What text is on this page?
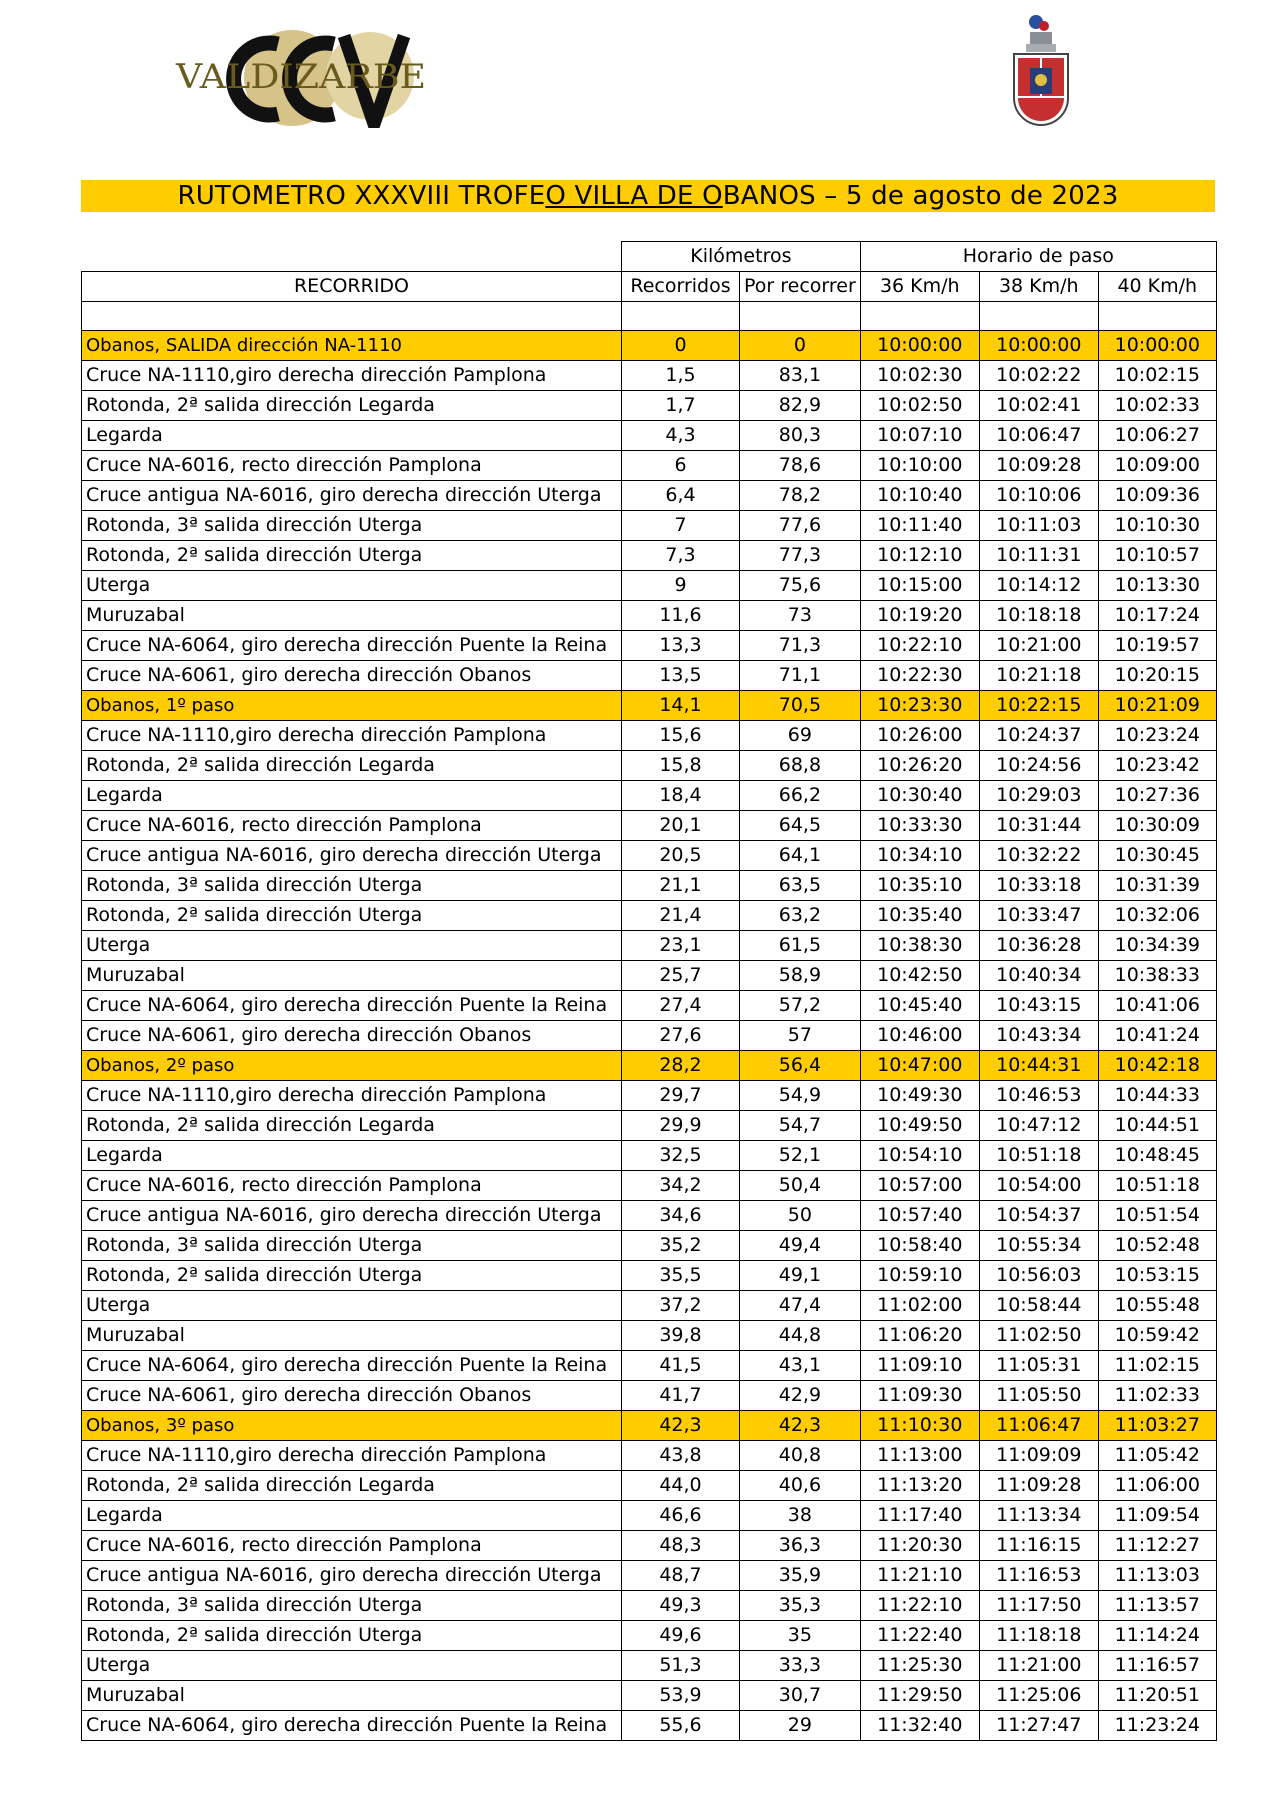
VALDIZARBE
RUTOMETRO XXXVIII TROFE O VILLA DE O BANOS – 5 de agosto de 2023
	Kilómetros		Horario de paso		
RECORRIDO	Recorridos	Por recorrer	36 Km/h	38 Km/h	40 Km/h

Obanos, SALIDA dirección NA-1110	0	0	10:00:00	10:00:00	10:00:00
Cruce NA-1110,giro derecha dirección Pamplona	1,5	83,1	10:02:30	10:02:22	10:02:15
Rotonda, 2ª salida dirección Legarda	1,7	82,9	10:02:50	10:02:41	10:02:33
Legarda	4,3	80,3	10:07:10	10:06:47	10:06:27
Cruce NA-6016, recto dirección Pamplona	6	78,6	10:10:00	10:09:28	10:09:00
Cruce antigua NA-6016, giro derecha dirección Uterga	6,4	78,2	10:10:40	10:10:06	10:09:36
Rotonda, 3ª salida dirección Uterga	7	77,6	10:11:40	10:11:03	10:10:30
Rotonda, 2ª salida dirección Uterga	7,3	77,3	10:12:10	10:11:31	10:10:57
Uterga	9	75,6	10:15:00	10:14:12	10:13:30
Muruzabal	11,6	73	10:19:20	10:18:18	10:17:24
Cruce NA-6064, giro derecha dirección Puente la Reina	13,3	71,3	10:22:10	10:21:00	10:19:57
Cruce NA-6061, giro derecha dirección Obanos	13,5	71,1	10:22:30	10:21:18	10:20:15
Obanos, 1º paso	14,1	70,5	10:23:30	10:22:15	10:21:09
Cruce NA-1110,giro derecha dirección Pamplona	15,6	69	10:26:00	10:24:37	10:23:24
Rotonda, 2ª salida dirección Legarda	15,8	68,8	10:26:20	10:24:56	10:23:42
Legarda	18,4	66,2	10:30:40	10:29:03	10:27:36
Cruce NA-6016, recto dirección Pamplona	20,1	64,5	10:33:30	10:31:44	10:30:09
Cruce antigua NA-6016, giro derecha dirección Uterga	20,5	64,1	10:34:10	10:32:22	10:30:45
Rotonda, 3ª salida dirección Uterga	21,1	63,5	10:35:10	10:33:18	10:31:39
Rotonda, 2ª salida dirección Uterga	21,4	63,2	10:35:40	10:33:47	10:32:06
Uterga	23,1	61,5	10:38:30	10:36:28	10:34:39
Muruzabal	25,7	58,9	10:42:50	10:40:34	10:38:33
Cruce NA-6064, giro derecha dirección Puente la Reina	27,4	57,2	10:45:40	10:43:15	10:41:06
Cruce NA-6061, giro derecha dirección Obanos	27,6	57	10:46:00	10:43:34	10:41:24
Obanos, 2º paso	28,2	56,4	10:47:00	10:44:31	10:42:18
Cruce NA-1110,giro derecha dirección Pamplona	29,7	54,9	10:49:30	10:46:53	10:44:33
Rotonda, 2ª salida dirección Legarda	29,9	54,7	10:49:50	10:47:12	10:44:51
Legarda	32,5	52,1	10:54:10	10:51:18	10:48:45
Cruce NA-6016, recto dirección Pamplona	34,2	50,4	10:57:00	10:54:00	10:51:18
Cruce antigua NA-6016, giro derecha dirección Uterga	34,6	50	10:57:40	10:54:37	10:51:54
Rotonda, 3ª salida dirección Uterga	35,2	49,4	10:58:40	10:55:34	10:52:48
Rotonda, 2ª salida dirección Uterga	35,5	49,1	10:59:10	10:56:03	10:53:15
Uterga	37,2	47,4	11:02:00	10:58:44	10:55:48
Muruzabal	39,8	44,8	11:06:20	11:02:50	10:59:42
Cruce NA-6064, giro derecha dirección Puente la Reina	41,5	43,1	11:09:10	11:05:31	11:02:15
Cruce NA-6061, giro derecha dirección Obanos	41,7	42,9	11:09:30	11:05:50	11:02:33
Obanos, 3º paso	42,3	42,3	11:10:30	11:06:47	11:03:27
Cruce NA-1110,giro derecha dirección Pamplona	43,8	40,8	11:13:00	11:09:09	11:05:42
Rotonda, 2ª salida dirección Legarda	44,0	40,6	11:13:20	11:09:28	11:06:00
Legarda	46,6	38	11:17:40	11:13:34	11:09:54
Cruce NA-6016, recto dirección Pamplona	48,3	36,3	11:20:30	11:16:15	11:12:27
Cruce antigua NA-6016, giro derecha dirección Uterga	48,7	35,9	11:21:10	11:16:53	11:13:03
Rotonda, 3ª salida dirección Uterga	49,3	35,3	11:22:10	11:17:50	11:13:57
Rotonda, 2ª salida dirección Uterga	49,6	35	11:22:40	11:18:18	11:14:24
Uterga	51,3	33,3	11:25:30	11:21:00	11:16:57
Muruzabal	53,9	30,7	11:29:50	11:25:06	11:20:51
Cruce NA-6064, giro derecha dirección Puente la Reina	55,6	29	11:32:40	11:27:47	11:23:24
